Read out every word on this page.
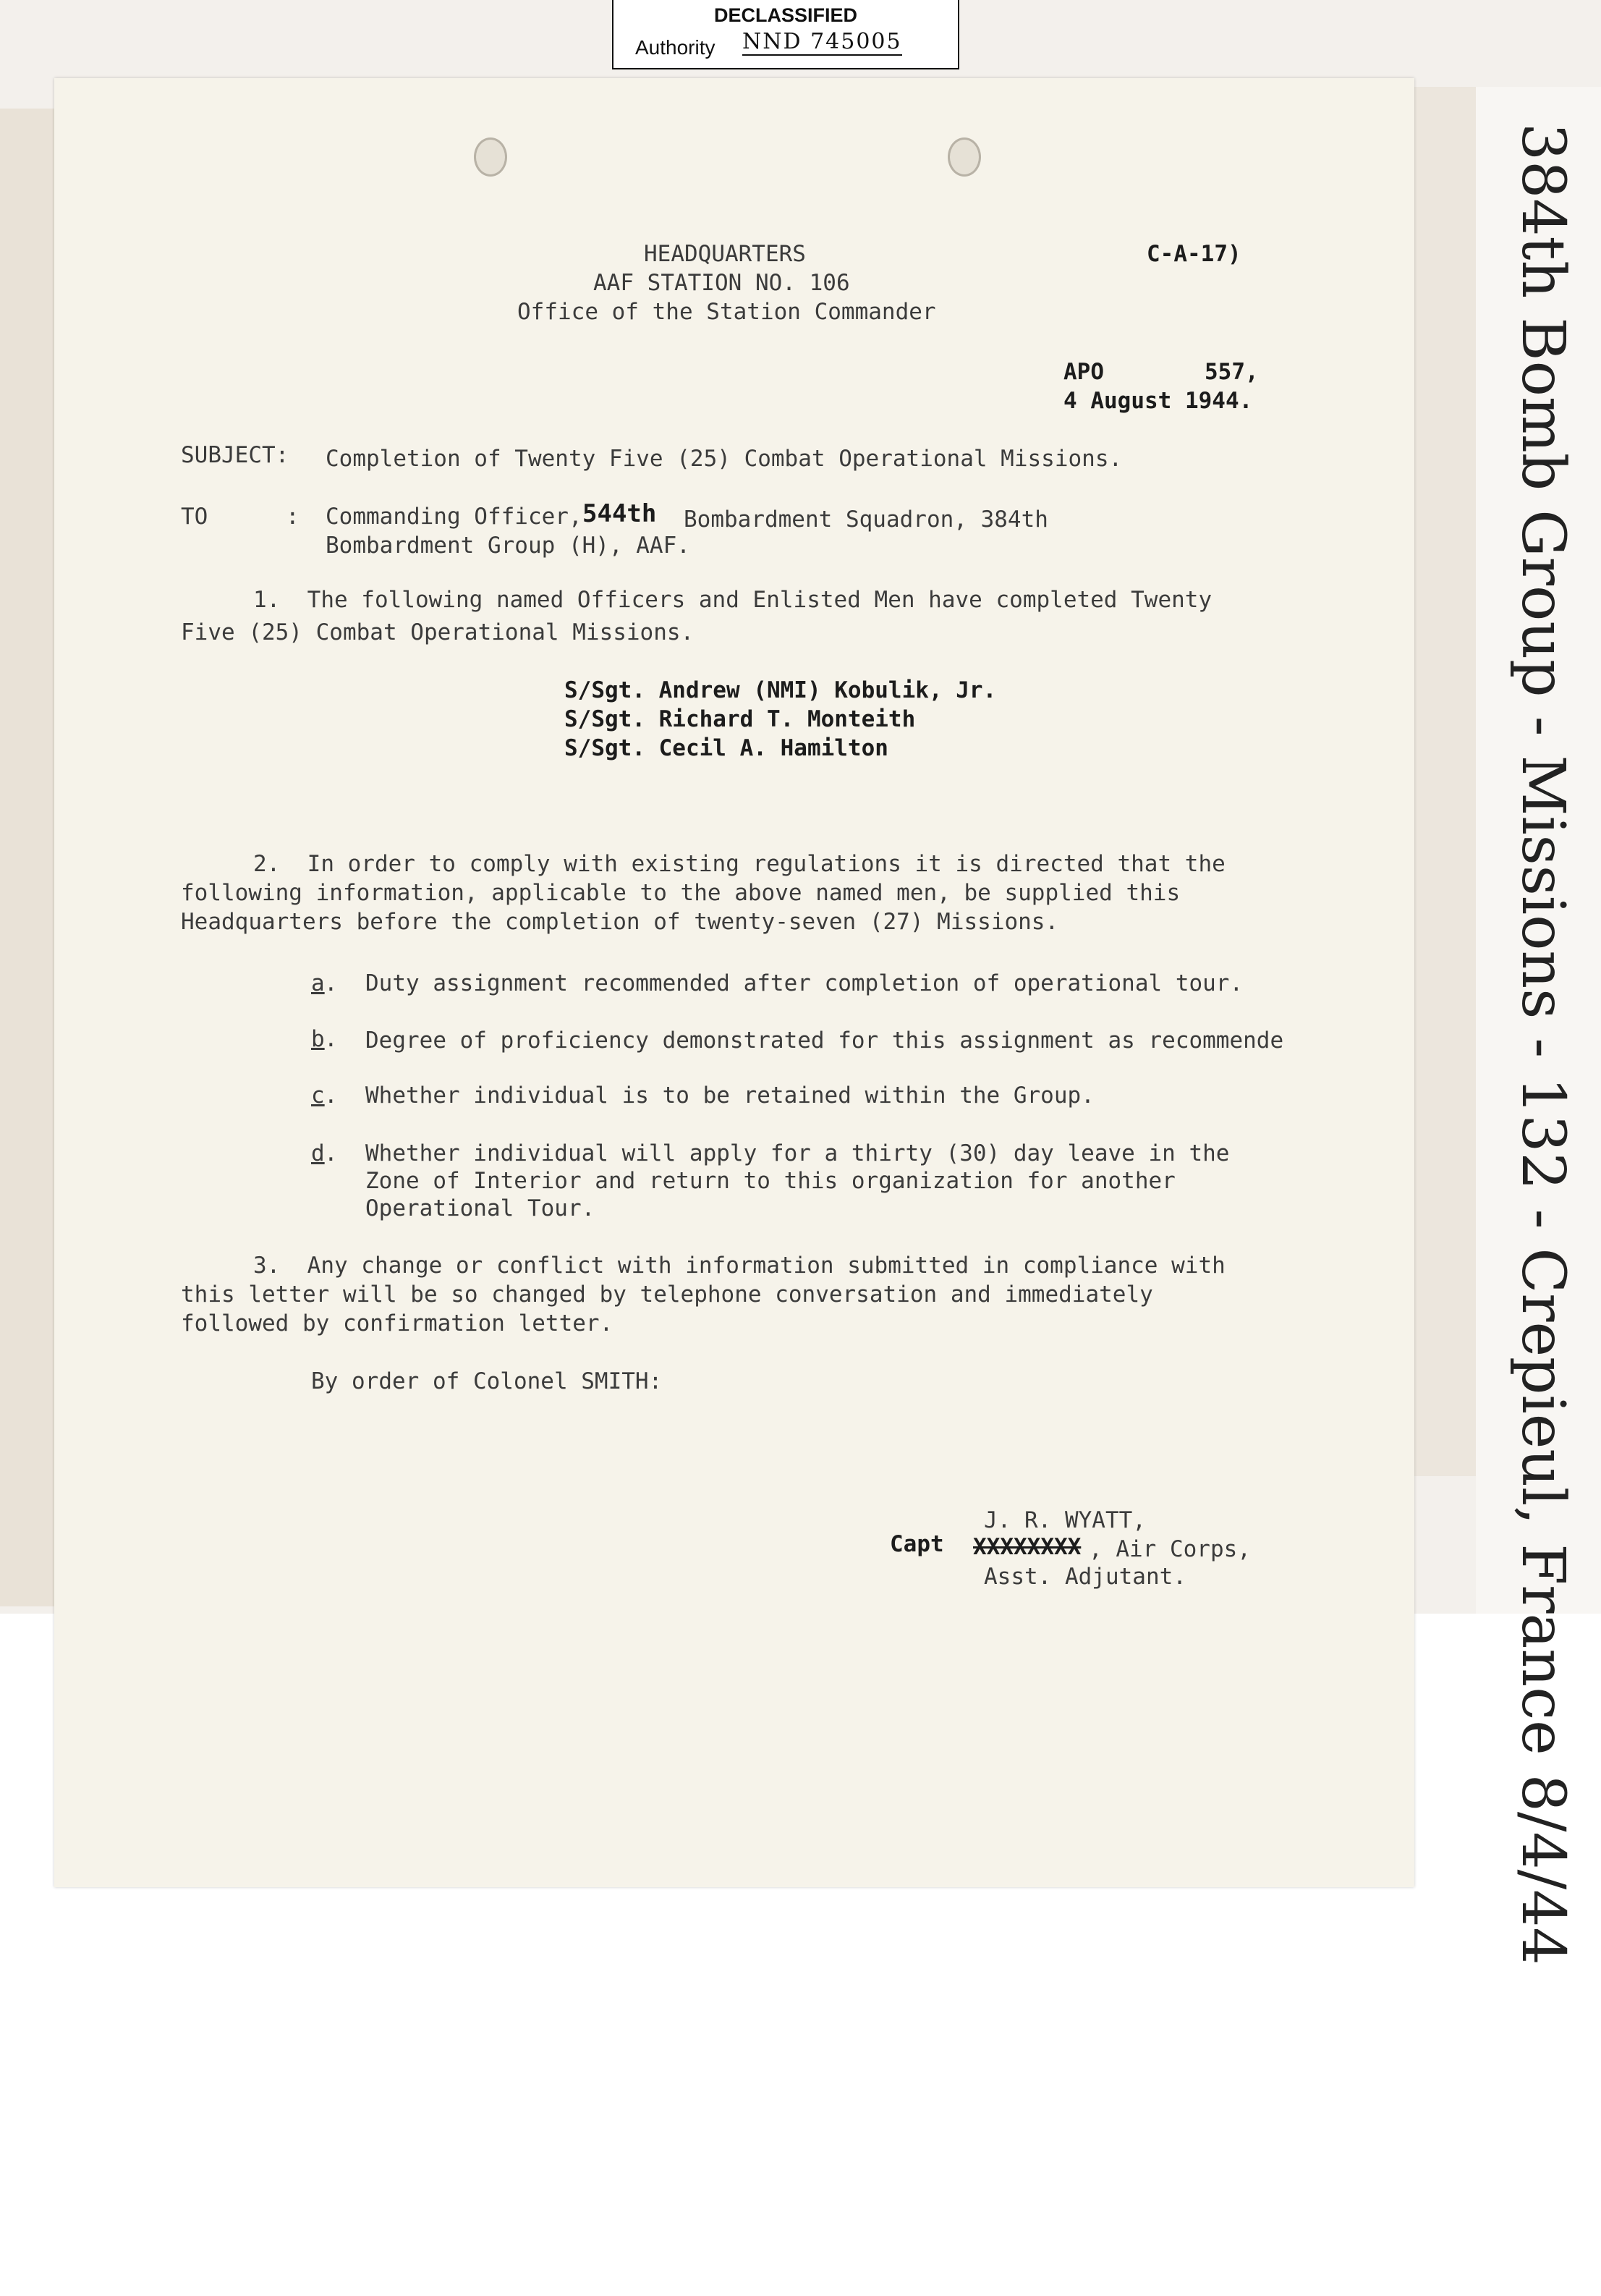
DECLASSIFIED
Authority NND 745005
384th Bomb Group - Missions - 132 - Crepieul, France 8/4/44
HEADQUARTERS
AAF STATION NO. 106
Office of the Station Commander
C-A-17)
APO	557,
4 August 1944.
SUBJECT: Completion of Twenty Five (25) Combat Operational Missions.
TO	: Commanding Officer, 544th Bombardment Squadron, 384th
Bombardment Group (H), AAF.
1.  The following named Officers and Enlisted Men have completed Twenty
Five (25) Combat Operational Missions.
S/Sgt. Andrew (NMI) Kobulik, Jr.
S/Sgt. Richard T. Monteith
S/Sgt. Cecil A. Hamilton
2.  In order to comply with existing regulations it is directed that the
following information, applicable to the above named men, be supplied this
Headquarters before the completion of twenty-seven (27) Missions.
a . Duty assignment recommended after completion of operational tour.
b . Degree of proficiency demonstrated for this assignment as recommende
c . Whether individual is to be retained within the Group.
d . Whether individual will apply for a thirty (30) day leave in the
Zone of Interior and return to this organization for another
Operational Tour.
3.  Any change or conflict with information submitted in compliance with
this letter will be so changed by telephone conversation and immediately
followed by confirmation letter.
By order of Colonel SMITH:
J. R. WYATT,
Capt XXXXXXXX , Air Corps,
Asst. Adjutant.
